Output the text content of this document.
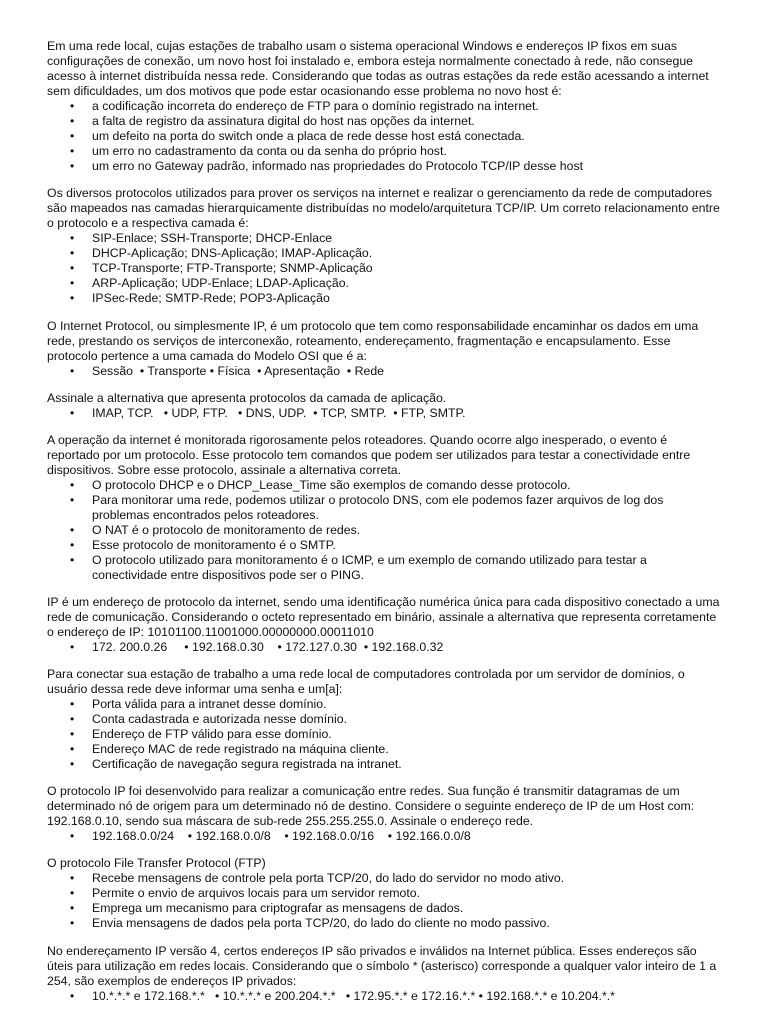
Em uma rede local, cujas estações de trabalho usam o sistema operacional Windows e endereços IP fixos em suas configurações de conexão, um novo host foi instalado e, embora esteja normalmente conectado à rede, não consegue acesso à internet distribuída nessa rede. Considerando que todas as outras estações da rede estão acessando a internet sem dificuldades, um dos motivos que pode estar ocasionando esse problema no novo host é:

• a codificação incorreta do endereço de FTP para o domínio registrado na internet.
• a falta de registro da assinatura digital do host nas opções da internet.
• um defeito na porta do switch onde a placa de rede desse host está conectada.
• um erro no cadastramento da conta ou da senha do próprio host.
• um erro no Gateway padrão, informado nas propriedades do Protocolo TCP/IP desse host

Os diversos protocolos utilizados para prover os serviços na internet e realizar o gerenciamento da rede de computadores são mapeados nas camadas hierarquicamente distribuídas no modelo/arquitetura TCP/IP. Um correto relacionamento entre o protocolo e a respectiva camada é:

• SIP-Enlace; SSH-Transporte; DHCP-Enlace
• DHCP-Aplicação; DNS-Aplicação; IMAP-Aplicação.
• TCP-Transporte; FTP-Transporte; SNMP-Aplicação
• ARP-Aplicação; UDP-Enlace; LDAP-Aplicação.
• IPSec-Rede; SMTP-Rede; POP3-Aplicação

O Internet Protocol, ou simplesmente IP, é um protocolo que tem como responsabilidade encaminhar os dados em uma rede, prestando os serviços de interconexão, roteamento, endereçamento, fragmentação e encapsulamento. Esse protocolo pertence a uma camada do Modelo OSI que é a:

• Sessão  • Transporte • Física  • Apresentação  • Rede

Assinale a alternativa que apresenta protocolos da camada de aplicação.

• IMAP, TCP.   • UDP, FTP.   • DNS, UDP.  • TCP, SMTP.  • FTP, SMTP.

A operação da internet é monitorada rigorosamente pelos roteadores. Quando ocorre algo inesperado, o evento é reportado por um protocolo. Esse protocolo tem comandos que podem ser utilizados para testar a conectividade entre dispositivos. Sobre esse protocolo, assinale a alternativa correta.

• O protocolo DHCP e o DHCP_Lease_Time são exemplos de comando desse protocolo.
• Para monitorar uma rede, podemos utilizar o protocolo DNS, com ele podemos fazer arquivos de log dos problemas encontrados pelos roteadores.
• O NAT é o protocolo de monitoramento de redes.
• Esse protocolo de monitoramento é o SMTP.
• O protocolo utilizado para monitoramento é o ICMP, e um exemplo de comando utilizado para testar a conectividade entre dispositivos pode ser o PING.

IP é um endereço de protocolo da internet, sendo uma identificação numérica única para cada dispositivo conectado a uma rede de comunicação. Considerando o octeto representado em binário, assinale a alternativa que representa corretamente o endereço de IP: 10101100.11001000.00000000.00011010

• 172. 200.0.26     • 192.168.0.30    • 172.127.0.30  • 192.168.0.32

Para conectar sua estação de trabalho a uma rede local de computadores controlada por um servidor de domínios, o usuário dessa rede deve informar uma senha e um[a]:

• Porta válida para a intranet desse domínio.
• Conta cadastrada e autorizada nesse domínio.
• Endereço de FTP válido para esse domínio.
• Endereço MAC de rede registrado na máquina cliente.
• Certificação de navegação segura registrada na intranet.

O protocolo IP foi desenvolvido para realizar a comunicação entre redes. Sua função é transmitir datagramas de um determinado nó de origem para um determinado nó de destino. Considere o seguinte endereço de IP de um Host com: 192.168.0.10, sendo sua máscara de sub-rede 255.255.255.0. Assinale o endereço rede.

• 192.168.0.0/24    • 192.168.0.0/8    • 192.168.0.0/16    • 192.166.0.0/8

O protocolo File Transfer Protocol (FTP)

• Recebe mensagens de controle pela porta TCP/20, do lado do servidor no modo ativo.
• Permite o envio de arquivos locais para um servidor remoto.
• Emprega um mecanismo para criptografar as mensagens de dados.
• Envia mensagens de dados pela porta TCP/20, do lado do cliente no modo passivo.

No endereçamento IP versão 4, certos endereços IP são privados e inválidos na Internet pública. Esses endereços são úteis para utilização em redes locais. Considerando que o símbolo * (asterisco) corresponde a qualquer valor inteiro de 1 a 254, são exemplos de endereços IP privados:

• 10.*.*.* e 172.168.*.*   • 10.*.*.* e 200.204.*.*   • 172.95.*.* e 172.16.*.* • 192.168.*.* e 10.204.*.*
